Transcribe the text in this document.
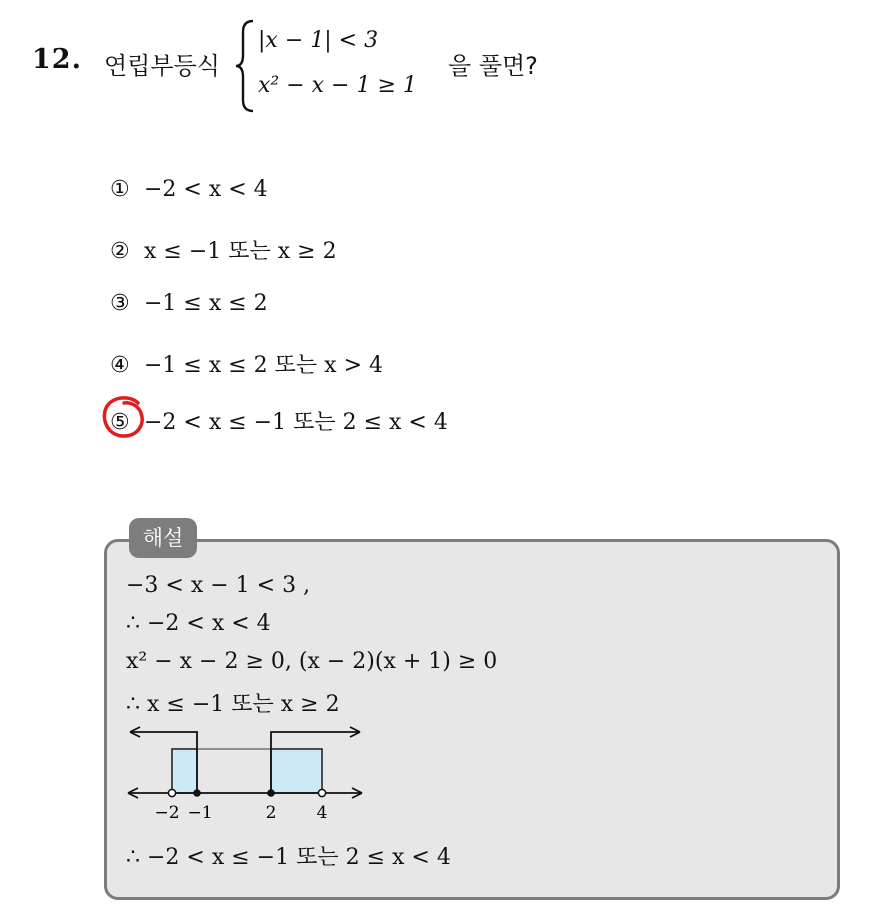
12. 연립부등식
|x − 1| < 3
x² − x − 1 ≥ 1
을 풀면?
① −2 < x < 4
② x ≤ −1 또는 x ≥ 2
③ −1 ≤ x ≤ 2
④ −1 ≤ x ≤ 2 또는 x > 4
⑤ −2 < x ≤ −1 또는 2 ≤ x < 4
해설
−3 < x − 1 < 3 ,
∴ −2 < x < 4
x² − x − 2 ≥ 0, (x − 2)(x + 1) ≥ 0
∴ x ≤ −1 또는 x ≥ 2
−2 −1	2 4
∴ −2 < x ≤ −1 또는 2 ≤ x < 4
